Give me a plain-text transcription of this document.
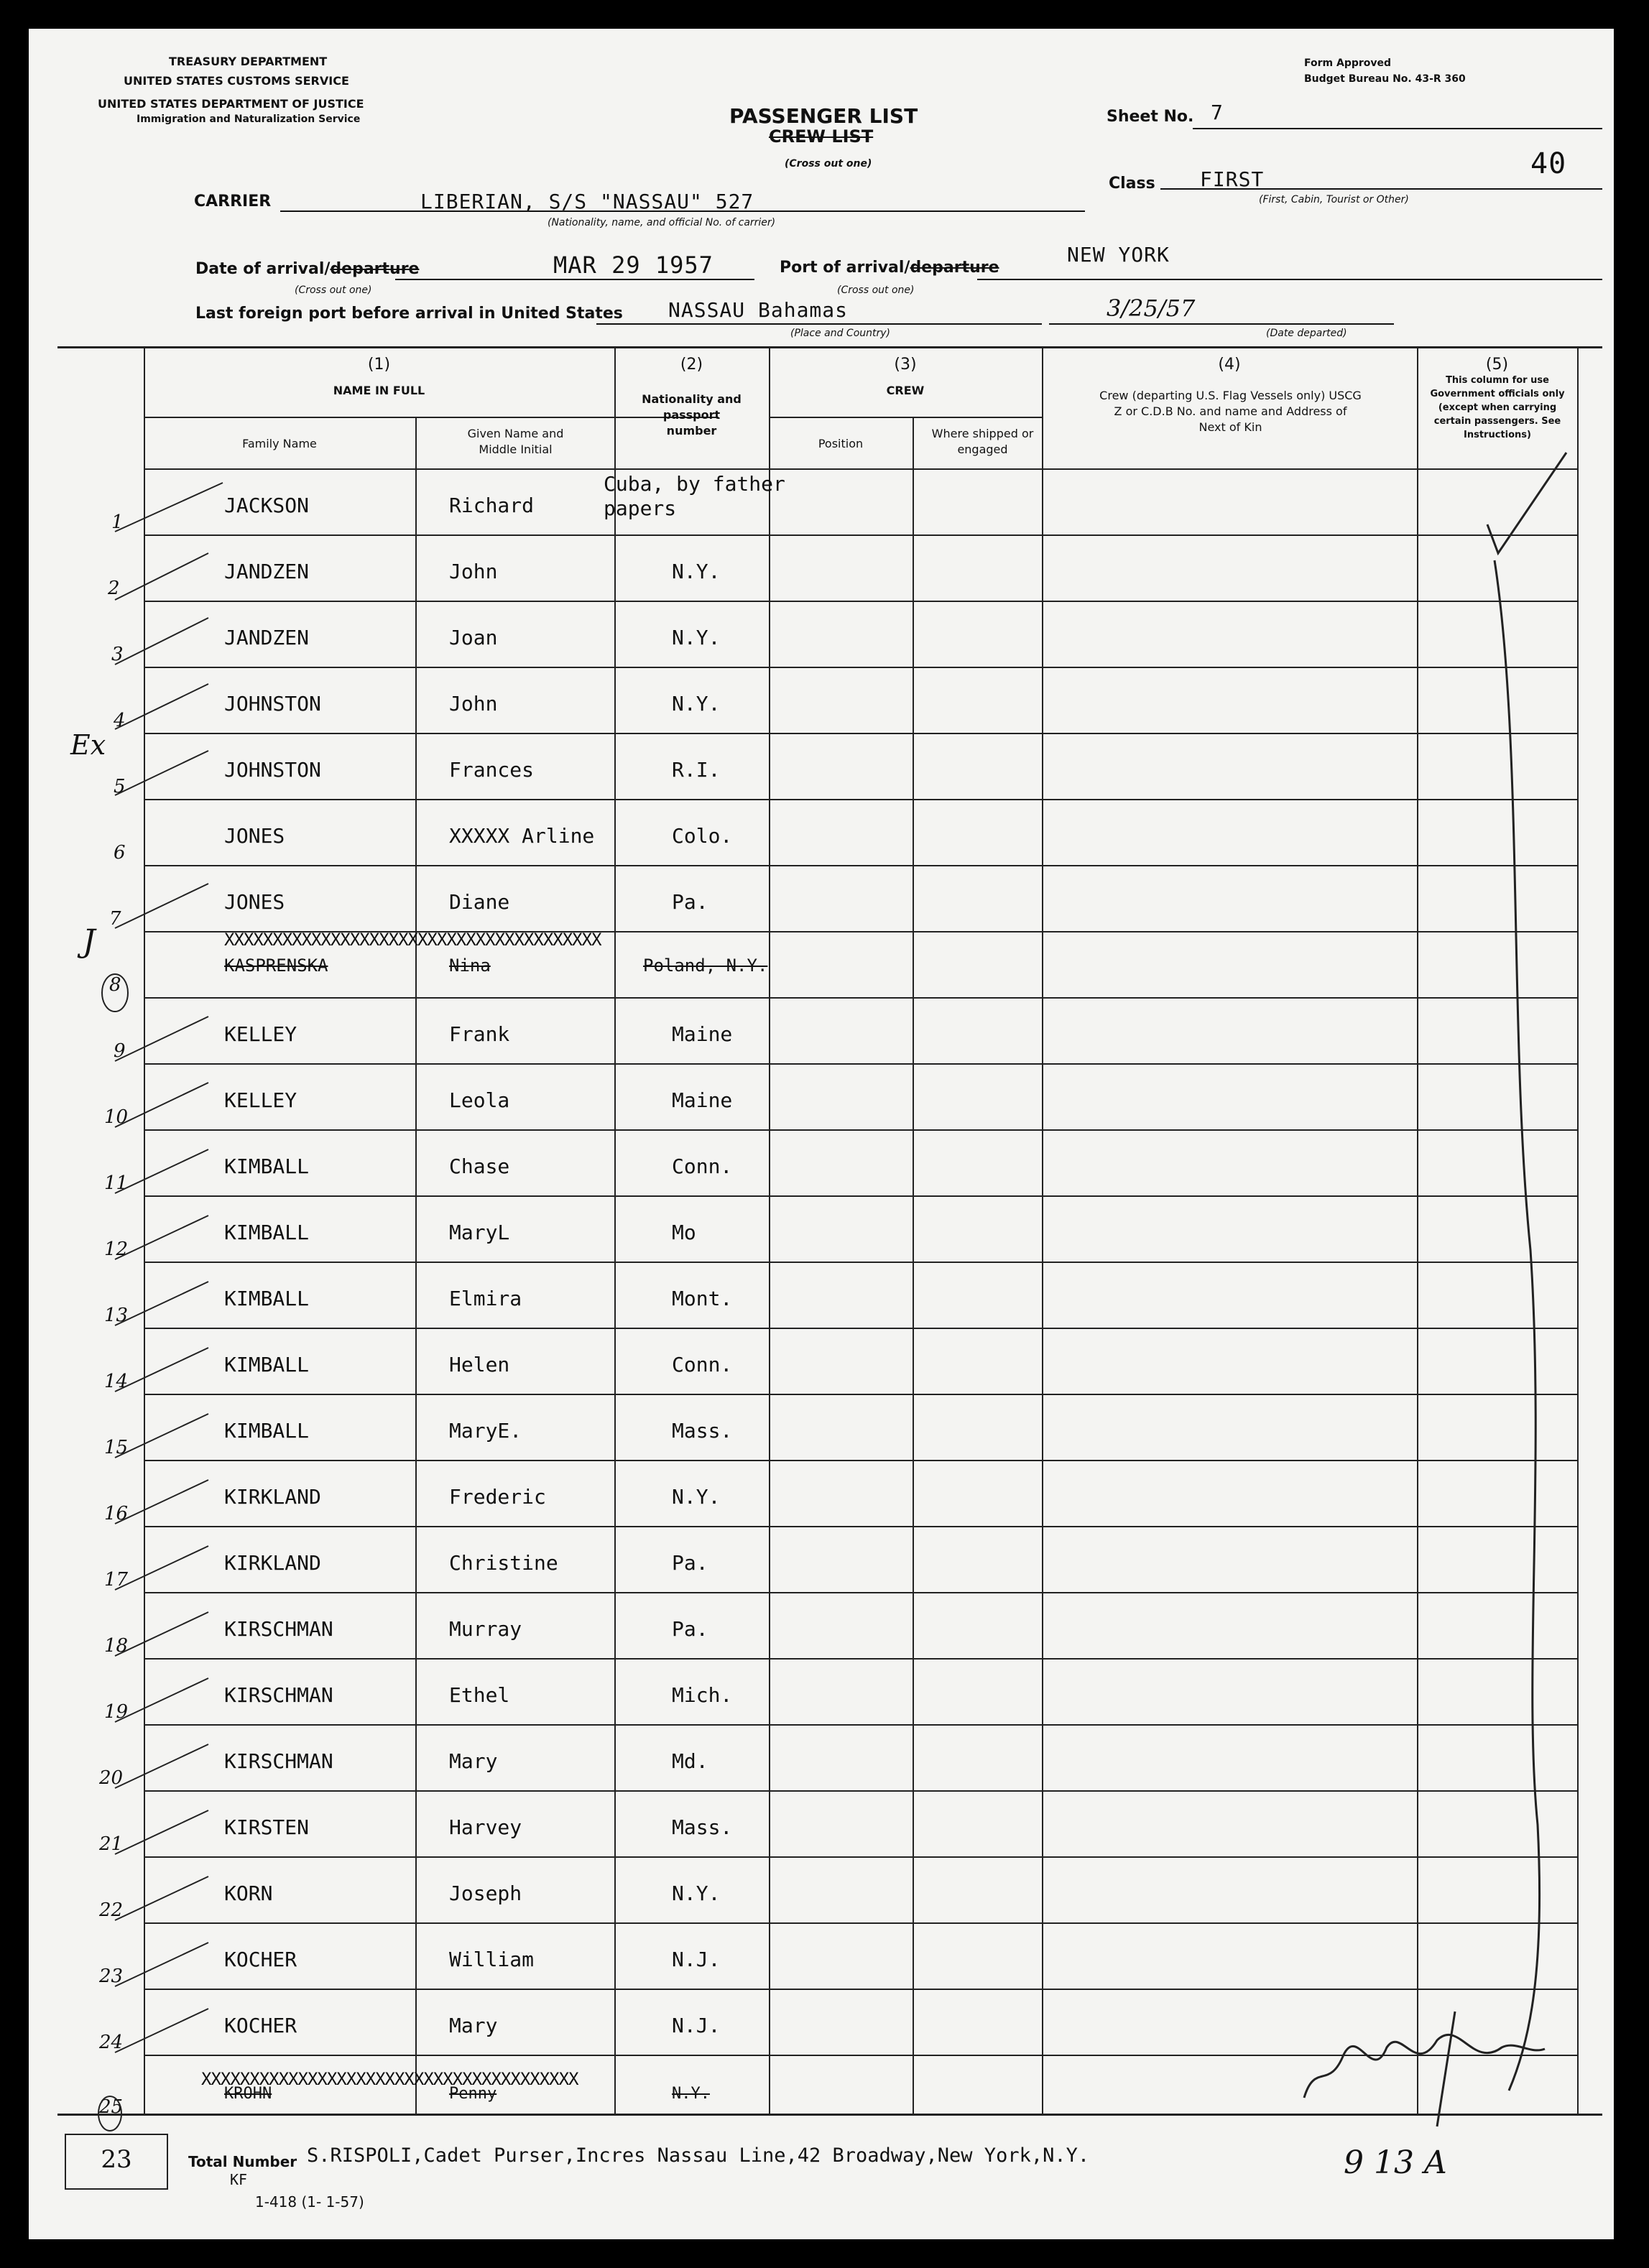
TREASURY DEPARTMENT
UNITED STATES CUSTOMS SERVICE
UNITED STATES DEPARTMENT OF JUSTICE
Immigration and Naturalization Service
Form Approved
Budget Bureau No. 43-R 360
PASSENGER LIST
CREW LIST
(Cross out one)
Sheet No. 7
40
Class FIRST
(First, Cabin, Tourist or Other)
CARRIER	LIBERIAN, S/S "NASSAU" 527
(Nationality, name, and official No. of carrier)
Date of arrival/departure	MAR 29 1957
(Cross out one)
Port of arrival/departure
NEW YORK
(Cross out one)
Last foreign port before arrival in United States NASSAU Bahamas
(Place and Country)
3/25/57
(Date departed)
(1)
NAME IN FULL
Family Name
Given Name and Middle Initial
(2)
Nationality and passport number
(3)
CREW
Position
Where shipped or engaged
(4)
Crew (departing U.S. Flag Vessels only) USCG Z or C.D.B No. and name and Address of Next of Kin
(5)
This column for use Government officials only (except when carrying certain passengers. See Instructions)
1
JACKSON	Richard
Cuba, by father papers
2
JANDZEN	John	N.Y.
3
JANDZEN	Joan	N.Y.
4
JOHNSTON	John	N.Y.
5
JOHNSTON	Frances	R.I.
6
JONES	XXXXX Arline	Colo.
7
JONES	Diane	Pa.
8
XXXXXXXXXXXXXXXXXXXXXXXXXXXXXXXXXXXXXXX
KASPRENSKA	Nina	Poland, N.Y.
9
KELLEY	Frank	Maine
10
KELLEY	Leola	Maine
11
KIMBALL	Chase	Conn.
12
KIMBALL	MaryL	Mo
13
KIMBALL	Elmira	Mont.
14
KIMBALL	Helen	Conn.
15
KIMBALL	MaryE.	Mass.
16
KIRKLAND	Frederic	N.Y.
17
KIRKLAND	Christine	Pa.
18
KIRSCHMAN	Murray	Pa.
19
KIRSCHMAN	Ethel	Mich.
20
KIRSCHMAN	Mary	Md.
21
KIRSTEN	Harvey	Mass.
22
KORN	Joseph	N.Y.
23
KOCHER	William	N.J.
24
KOCHER	Mary	N.J.
25
XXXXXXXXXXXXXXXXXXXXXXXXXXXXXXXXXXXXXXX
KROHN	Penny	N.Y.
Ex
J
23	Total Number
KF
S.RISPOLI,Cadet Purser,Incres Nassau Line,42 Broadway,New York,N.Y.
1-418 (1- 1-57)
9 13 A
